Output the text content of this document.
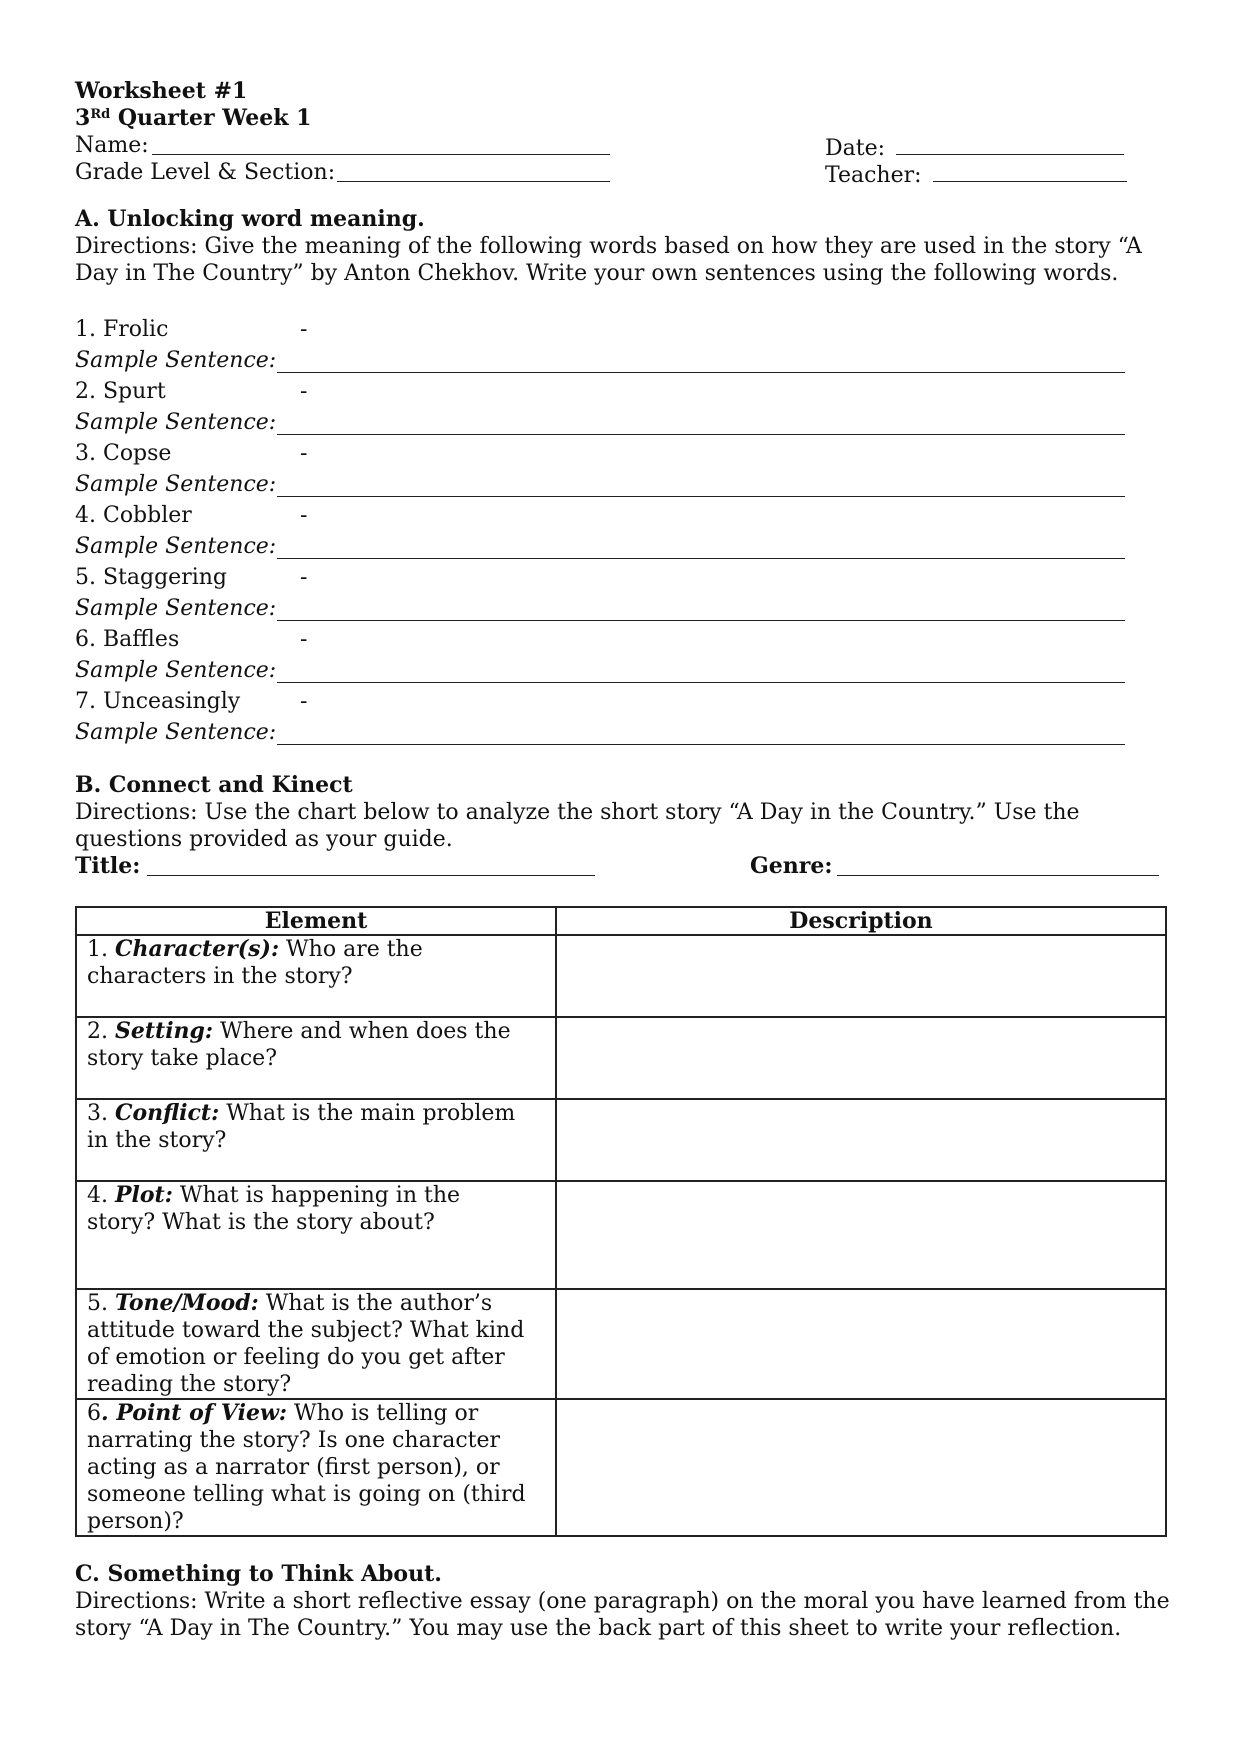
Worksheet #1
3Rd Quarter Week 1
Name:	Date:
Grade Level & Section:	Teacher:
A. Unlocking word meaning.

Directions: Give the meaning of the following words based on how they are used in the story “A

Day in The Country” by Anton Chekhov. Write your own sentences using the following words.

1. Frolic	-
Sample Sentence:
2. Spurt	-
Sample Sentence:
3. Copse	-
Sample Sentence:
4. Cobbler	-
Sample Sentence:
5. Staggering	-
Sample Sentence:
6. Baffles	-
Sample Sentence:
7. Unceasingly	-
Sample Sentence:
B. Connect and Kinect

Directions: Use the chart below to analyze the short story “A Day in the Country.” Use the

questions provided as your guide.

Title:	Genre:
Element	Description
1. Character(s): Who are the
characters in the story?	
2. Setting: Where and when does the
story take place?	
3. Conflict: What is the main problem
in the story?	
4. Plot: What is happening in the
story? What is the story about?	
5. Tone/Mood: What is the author’s
attitude toward the subject? What kind
of emotion or feeling do you get after
reading the story?	
6. Point of View: Who is telling or
narrating the story? Is one character
acting as a narrator (first person), or
someone telling what is going on (third
person)?	
C. Something to Think About.

Directions: Write a short reflective essay (one paragraph) on the moral you have learned from the

story “A Day in The Country.” You may use the back part of this sheet to write your reflection.
